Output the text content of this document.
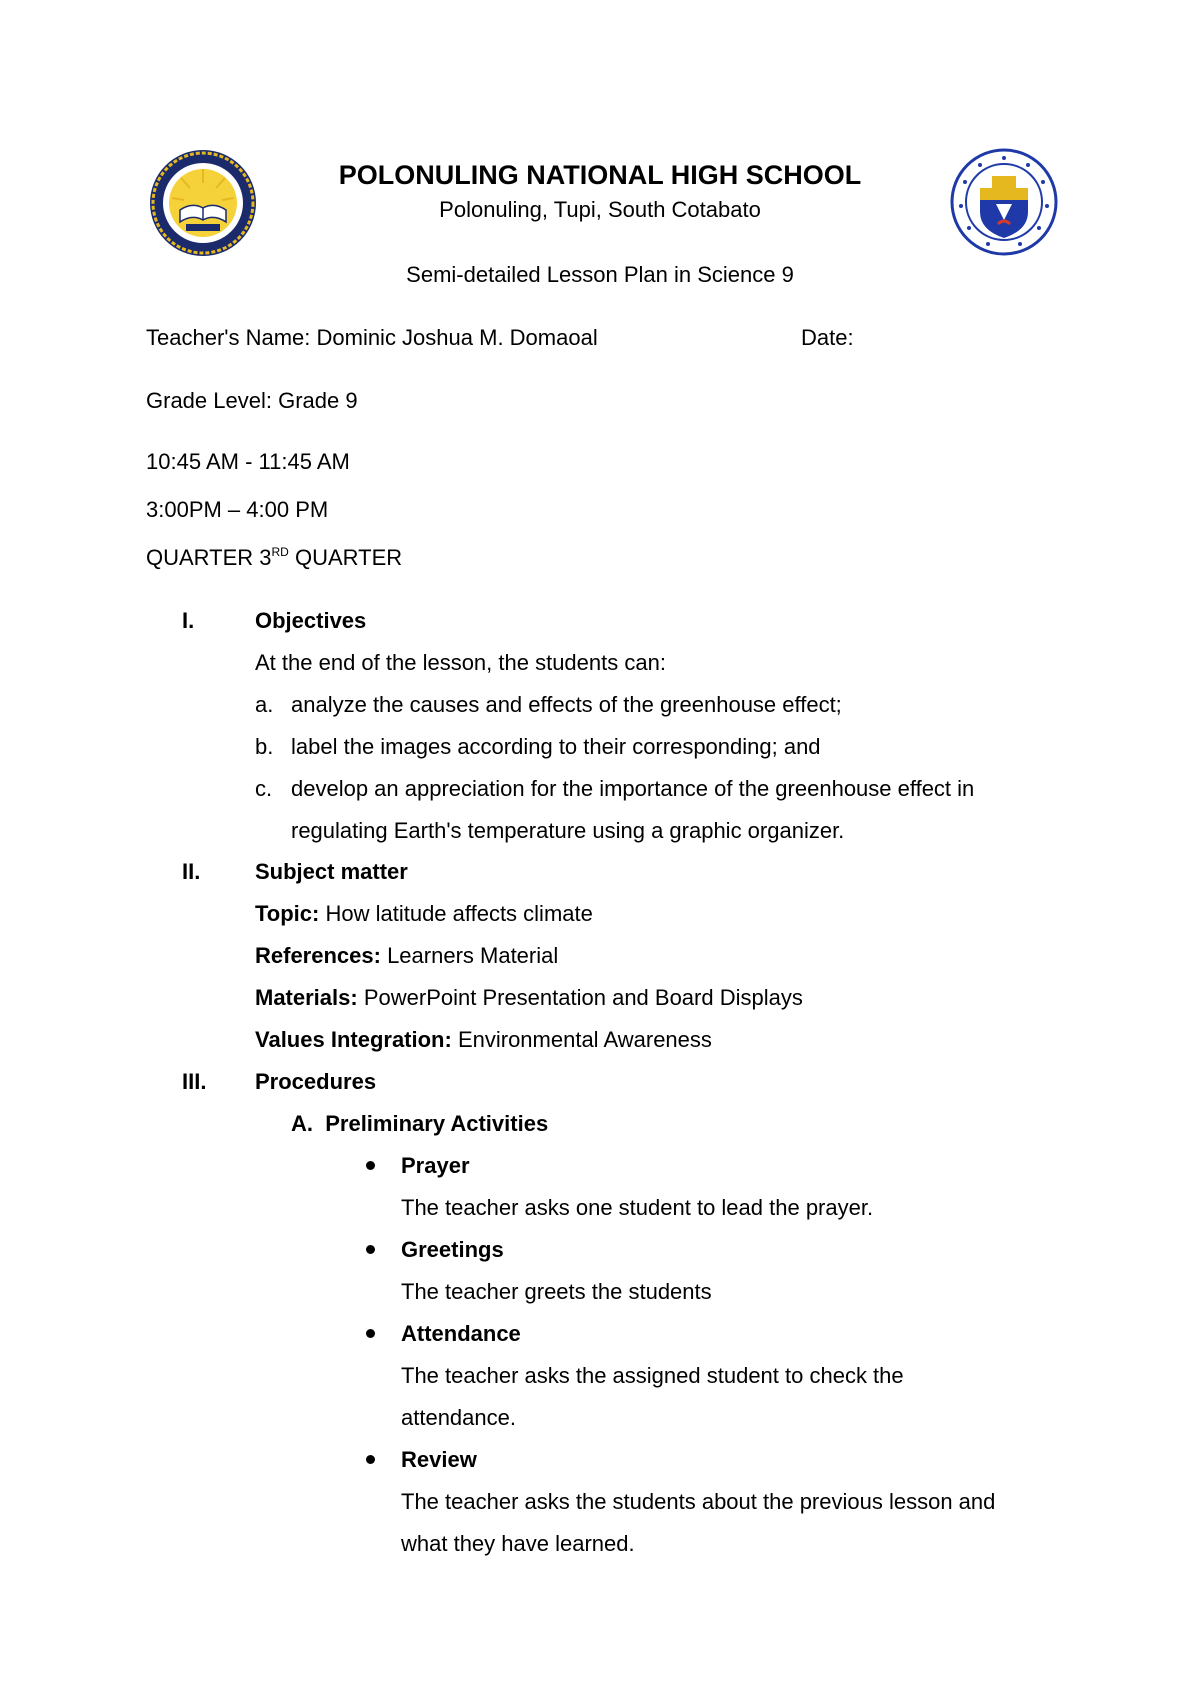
POLONULING NATIONAL HIGH SCHOOL
Polonuling, Tupi, South Cotabato
Semi-detailed Lesson Plan in Science 9
Teacher's Name: Dominic Joshua M. Domaoal	Date:
Grade Level: Grade 9
10:45 AM - 11:45 AM
3:00PM – 4:00 PM
QUARTER 3RD QUARTER
I.	Objectives
At the end of the lesson, the students can:
a. analyze the causes and effects of the greenhouse effect;
b. label the images according to their corresponding; and
c. develop an appreciation for the importance of the greenhouse effect in
regulating Earth's temperature using a graphic organizer.
II. Subject matter
Topic: How latitude affects climate
References: Learners Material
Materials: PowerPoint Presentation and Board Displays
Values Integration: Environmental Awareness
III. Procedures
A.  Preliminary Activities
Prayer
The teacher asks one student to lead the prayer.
Greetings
The teacher greets the students
Attendance
The teacher asks the assigned student to check the
attendance.
Review
The teacher asks the students about the previous lesson and
what they have learned.
